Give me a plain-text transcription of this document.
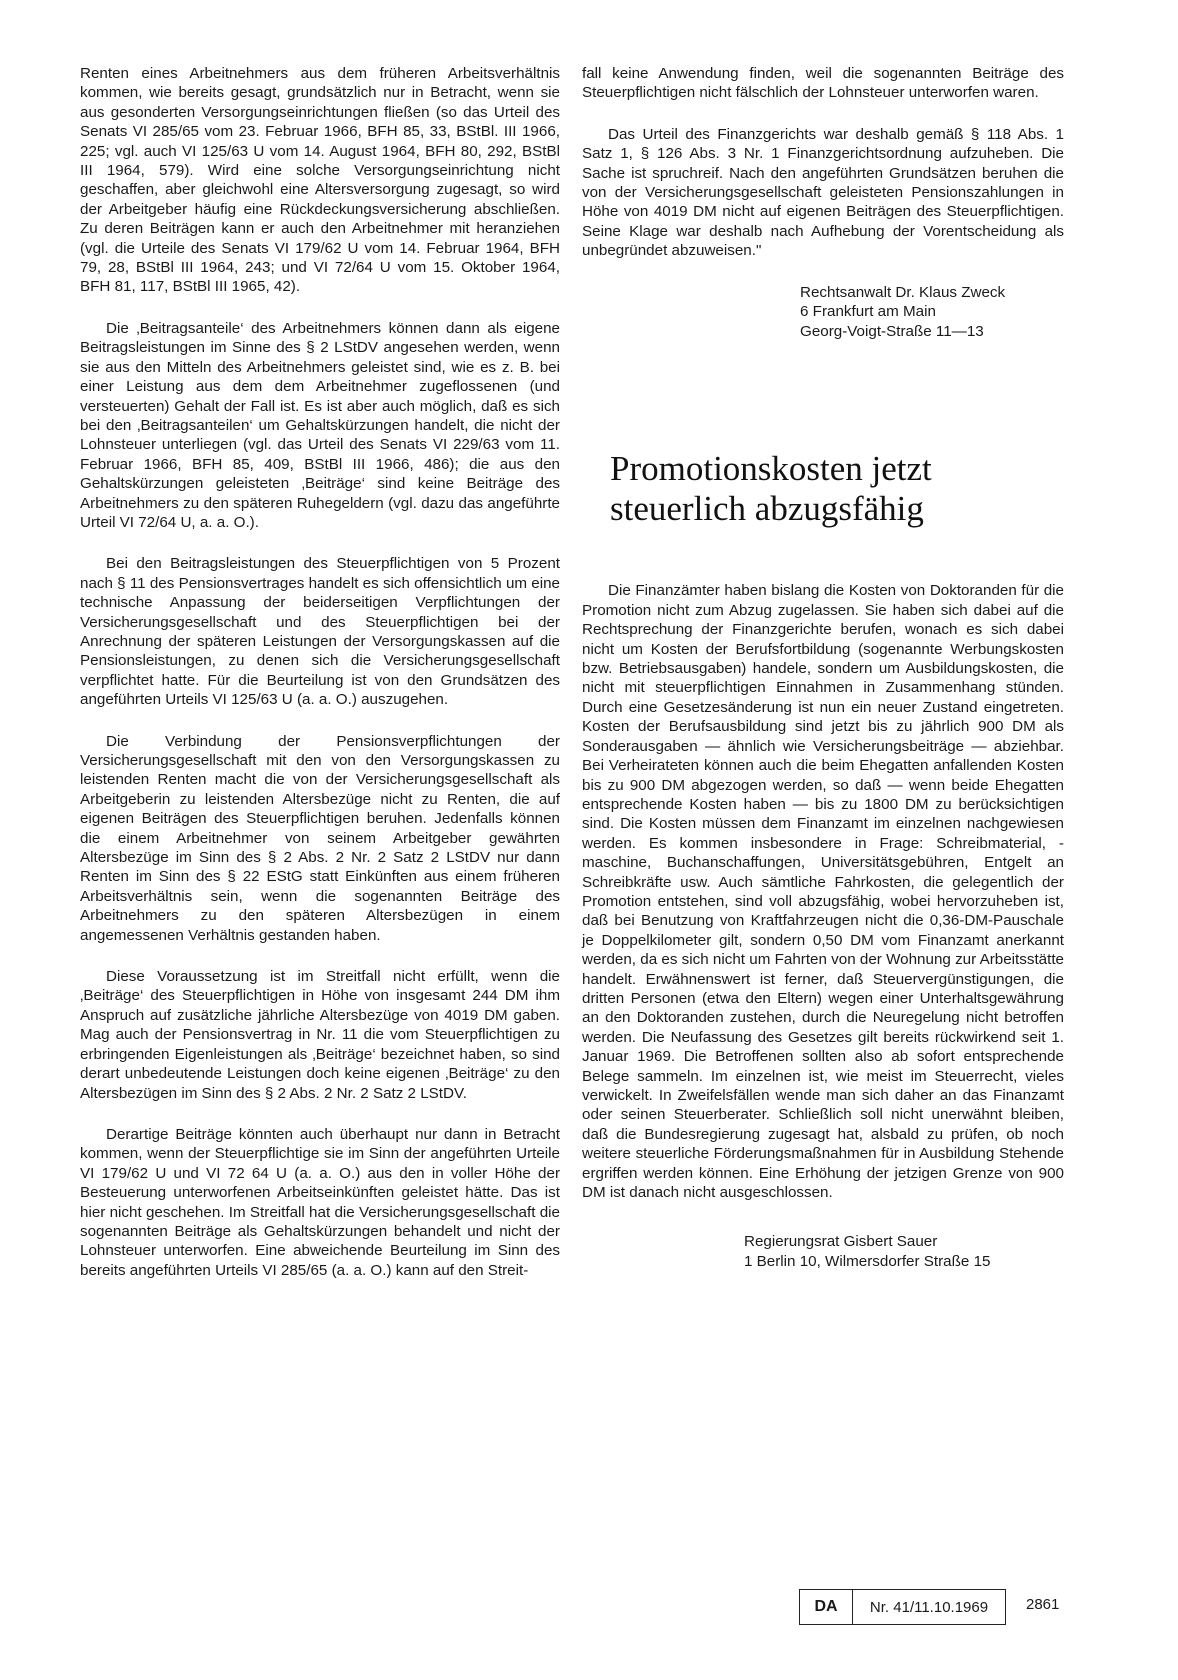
Renten eines Arbeitnehmers aus dem früheren Arbeitsverhältnis kommen, wie bereits gesagt, grundsätzlich nur in Betracht, wenn sie aus gesonderten Versorgungseinrichtungen fließen (so das Urteil des Senats VI 285/65 vom 23. Februar 1966, BFH 85, 33, BStBl. III 1966, 225; vgl. auch VI 125/63 U vom 14. August 1964, BFH 80, 292, BStBl III 1964, 579). Wird eine solche Versorgungseinrichtung nicht geschaffen, aber gleichwohl eine Altersversorgung zugesagt, so wird der Arbeitgeber häufig eine Rückdeckungsversicherung abschließen. Zu deren Beiträgen kann er auch den Arbeitnehmer mit heranziehen (vgl. die Urteile des Senats VI 179/62 U vom 14. Februar 1964, BFH 79, 28, BStBl III 1964, 243; und VI 72/64 U vom 15. Oktober 1964, BFH 81, 117, BStBl III 1965, 42).

Die ‚Beitragsanteile‘ des Arbeitnehmers können dann als eigene Beitragsleistungen im Sinne des § 2 LStDV angesehen werden, wenn sie aus den Mitteln des Arbeitnehmers geleistet sind, wie es z. B. bei einer Leistung aus dem dem Arbeitnehmer zugeflossenen (und versteuerten) Gehalt der Fall ist. Es ist aber auch möglich, daß es sich bei den ‚Beitragsanteilen‘ um Gehaltskürzungen handelt, die nicht der Lohnsteuer unterliegen (vgl. das Urteil des Senats VI 229/63 vom 11. Februar 1966, BFH 85, 409, BStBl III 1966, 486); die aus den Gehaltskürzungen geleisteten ‚Beiträge‘ sind keine Beiträge des Arbeitnehmers zu den späteren Ruhegeldern (vgl. dazu das angeführte Urteil VI 72/64 U, a. a. O.).

Bei den Beitragsleistungen des Steuerpflichtigen von 5 Prozent nach § 11 des Pensionsvertrages handelt es sich offensichtlich um eine technische Anpassung der beiderseitigen Verpflichtungen der Versicherungsgesellschaft und des Steuerpflichtigen bei der Anrechnung der späteren Leistungen der Versorgungskassen auf die Pensionsleistungen, zu denen sich die Versicherungsgesellschaft verpflichtet hatte. Für die Beurteilung ist von den Grundsätzen des angeführten Urteils VI 125/63 U (a. a. O.) auszugehen.

Die Verbindung der Pensionsverpflichtungen der Versicherungsgesellschaft mit den von den Versorgungskassen zu leistenden Renten macht die von der Versicherungsgesellschaft als Arbeitgeberin zu leistenden Altersbezüge nicht zu Renten, die auf eigenen Beiträgen des Steuerpflichtigen beruhen. Jedenfalls können die einem Arbeitnehmer von seinem Arbeitgeber gewährten Altersbezüge im Sinn des § 2 Abs. 2 Nr. 2 Satz 2 LStDV nur dann Renten im Sinn des § 22 EStG statt Einkünften aus einem früheren Arbeitsverhältnis sein, wenn die sogenannten Beiträge des Arbeitnehmers zu den späteren Altersbezügen in einem angemessenen Verhältnis gestanden haben.

Diese Voraussetzung ist im Streitfall nicht erfüllt, wenn die ‚Beiträge‘ des Steuerpflichtigen in Höhe von insgesamt 244 DM ihm Anspruch auf zusätzliche jährliche Altersbezüge von 4019 DM gaben. Mag auch der Pensionsvertrag in Nr. 11 die vom Steuerpflichtigen zu erbringenden Eigenleistungen als ‚Beiträge‘ bezeichnet haben, so sind derart unbedeutende Leistungen doch keine eigenen ‚Beiträge‘ zu den Altersbezügen im Sinn des § 2 Abs. 2 Nr. 2 Satz 2 LStDV.

Derartige Beiträge könnten auch überhaupt nur dann in Betracht kommen, wenn der Steuerpflichtige sie im Sinn der angeführten Urteile VI 179/62 U und VI 72 64 U (a. a. O.) aus den in voller Höhe der Besteuerung unterworfenen Arbeitseinkünften geleistet hätte. Das ist hier nicht geschehen. Im Streitfall hat die Versicherungsgesellschaft die sogenannten Beiträge als Gehaltskürzungen behandelt und nicht der Lohnsteuer unterworfen. Eine abweichende Beurteilung im Sinn des bereits angeführten Urteils VI 285/65 (a. a. O.) kann auf den Streit-

fall keine Anwendung finden, weil die sogenannten Beiträge des Steuerpflichtigen nicht fälschlich der Lohnsteuer unterworfen waren.

Das Urteil des Finanzgerichts war deshalb gemäß § 118 Abs. 1 Satz 1, § 126 Abs. 3 Nr. 1 Finanzgerichtsordnung aufzuheben. Die Sache ist spruchreif. Nach den angeführten Grundsätzen beruhen die von der Versicherungsgesellschaft geleisteten Pensionszahlungen in Höhe von 4019 DM nicht auf eigenen Beiträgen des Steuerpflichtigen. Seine Klage war deshalb nach Aufhebung der Vorentscheidung als unbegründet abzuweisen."

Rechtsanwalt Dr. Klaus Zweck
6 Frankfurt am Main
Georg-Voigt-Straße 11—13
Promotionskosten jetzt
steuerlich abzugsfähig

Die Finanzämter haben bislang die Kosten von Doktoranden für die Promotion nicht zum Abzug zugelassen. Sie haben sich dabei auf die Rechtsprechung der Finanzgerichte berufen, wonach es sich dabei nicht um Kosten der Berufsfortbildung (sogenannte Werbungskosten bzw. Betriebsausgaben) handele, sondern um Ausbildungskosten, die nicht mit steuerpflichtigen Einnahmen in Zusammenhang stünden. Durch eine Gesetzesänderung ist nun ein neuer Zustand eingetreten. Kosten der Berufsausbildung sind jetzt bis zu jährlich 900 DM als Sonderausgaben — ähnlich wie Versicherungsbeiträge — abziehbar. Bei Verheirateten können auch die beim Ehegatten anfallenden Kosten bis zu 900 DM abgezogen werden, so daß — wenn beide Ehegatten entsprechende Kosten haben — bis zu 1800 DM zu berücksichtigen sind. Die Kosten müssen dem Finanzamt im einzelnen nachgewiesen werden. Es kommen insbesondere in Frage: Schreibmaterial, -maschine, Buchanschaffungen, Universitätsgebühren, Entgelt an Schreibkräfte usw. Auch sämtliche Fahrkosten, die gelegentlich der Promotion entstehen, sind voll abzugsfähig, wobei hervorzuheben ist, daß bei Benutzung von Kraftfahrzeugen nicht die 0,36-DM-Pauschale je Doppelkilometer gilt, sondern 0,50 DM vom Finanzamt anerkannt werden, da es sich nicht um Fahrten von der Wohnung zur Arbeitsstätte handelt. Erwähnenswert ist ferner, daß Steuervergünstigungen, die dritten Personen (etwa den Eltern) wegen einer Unterhaltsgewährung an den Doktoranden zustehen, durch die Neuregelung nicht betroffen werden. Die Neufassung des Gesetzes gilt bereits rückwirkend seit 1. Januar 1969. Die Betroffenen sollten also ab sofort entsprechende Belege sammeln. Im einzelnen ist, wie meist im Steuerrecht, vieles verwickelt. In Zweifelsfällen wende man sich daher an das Finanzamt oder seinen Steuerberater. Schließlich soll nicht unerwähnt bleiben, daß die Bundesregierung zugesagt hat, alsbald zu prüfen, ob noch weitere steuerliche Förderungsmaßnahmen für in Ausbildung Stehende ergriffen werden können. Eine Erhöhung der jetzigen Grenze von 900 DM ist danach nicht ausgeschlossen.

Regierungsrat Gisbert Sauer
1 Berlin 10, Wilmersdorfer Straße 15
DA	Nr. 41/11.10.1969	2861
